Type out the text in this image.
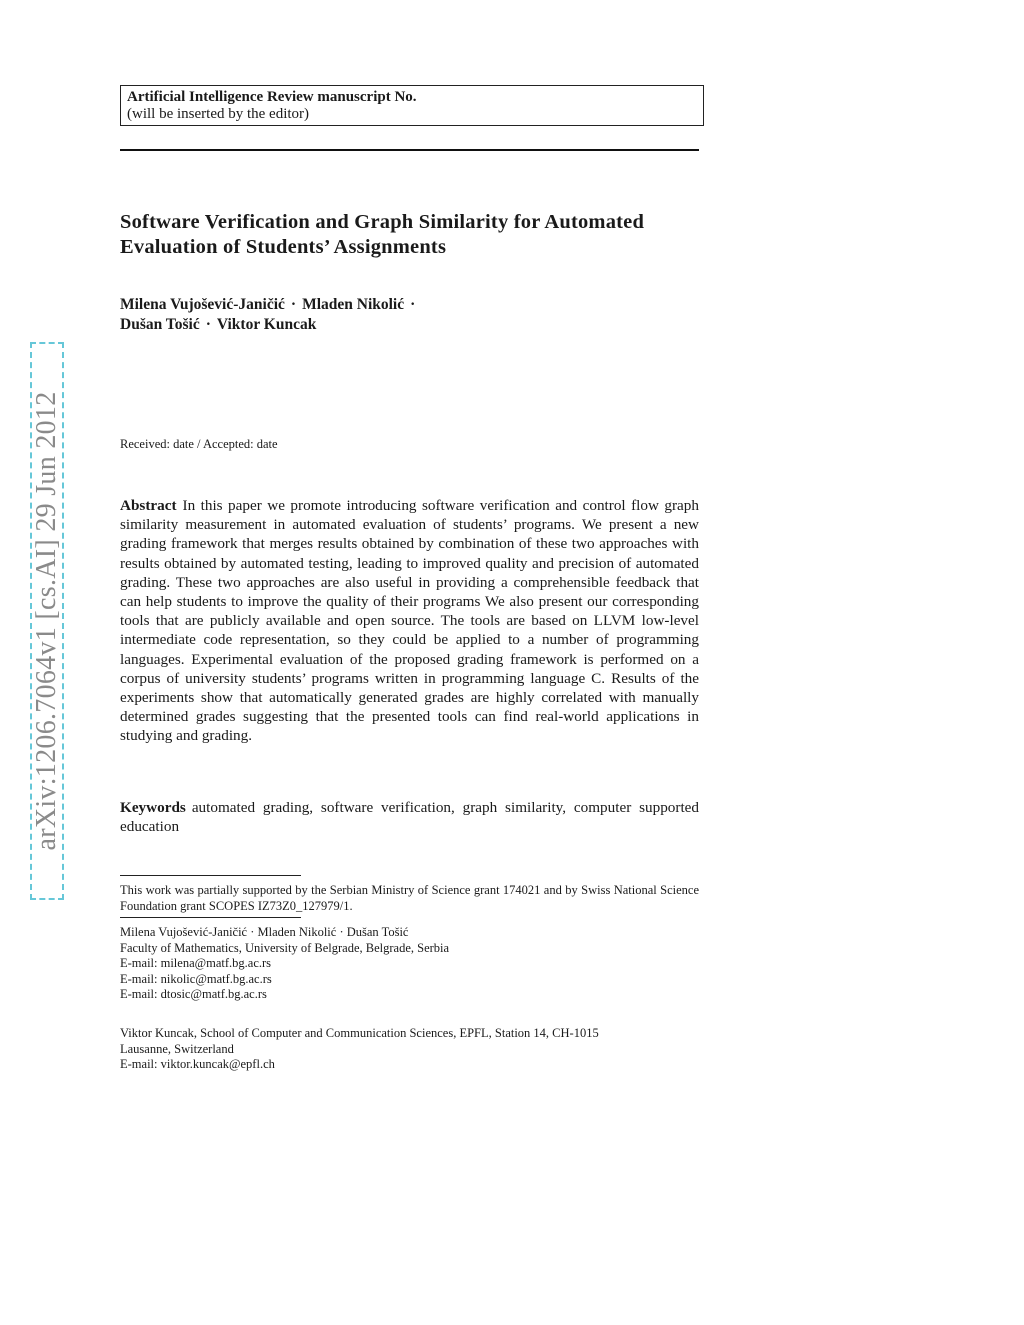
Artificial Intelligence Review manuscript No.
(will be inserted by the editor)
Software Verification and Graph Similarity for Automated
Evaluation of Students’ Assignments
Milena Vujošević-Janičić · Mladen Nikolić ·
Dušan Tošić · Viktor Kuncak
Received: date / Accepted: date
Abstract In this paper we promote introducing software verification and control flow graph similarity measurement in automated evaluation of students’ programs. We present a new grading framework that merges results obtained by combination of these two approaches with results obtained by automated testing, leading to improved quality and precision of automated grading. These two approaches are also useful in providing a comprehensible feedback that can help students to improve the quality of their programs We also present our corresponding tools that are publicly available and open source. The tools are based on LLVM low-level intermediate code representation, so they could be applied to a number of programming languages. Experimental evaluation of the proposed grading framework is performed on a corpus of university students’ programs written in programming language C. Results of the experiments show that automatically generated grades are highly correlated with manually determined grades suggesting that the presented tools can find real-world applications in studying and grading.
Keywords automated grading, software verification, graph similarity, computer supported education
This work was partially supported by the Serbian Ministry of Science grant 174021 and by Swiss National Science Foundation grant SCOPES IZ73Z0_127979/1.
Milena Vujošević-Janičić · Mladen Nikolić · Dušan Tošić
Faculty of Mathematics, University of Belgrade, Belgrade, Serbia
E-mail: milena@matf.bg.ac.rs
E-mail: nikolic@matf.bg.ac.rs
E-mail: dtosic@matf.bg.ac.rs
Viktor Kuncak, School of Computer and Communication Sciences, EPFL, Station 14, CH-1015
Lausanne, Switzerland
E-mail: viktor.kuncak@epfl.ch
arXiv:1206.7064v1 [cs.AI] 29 Jun 2012
